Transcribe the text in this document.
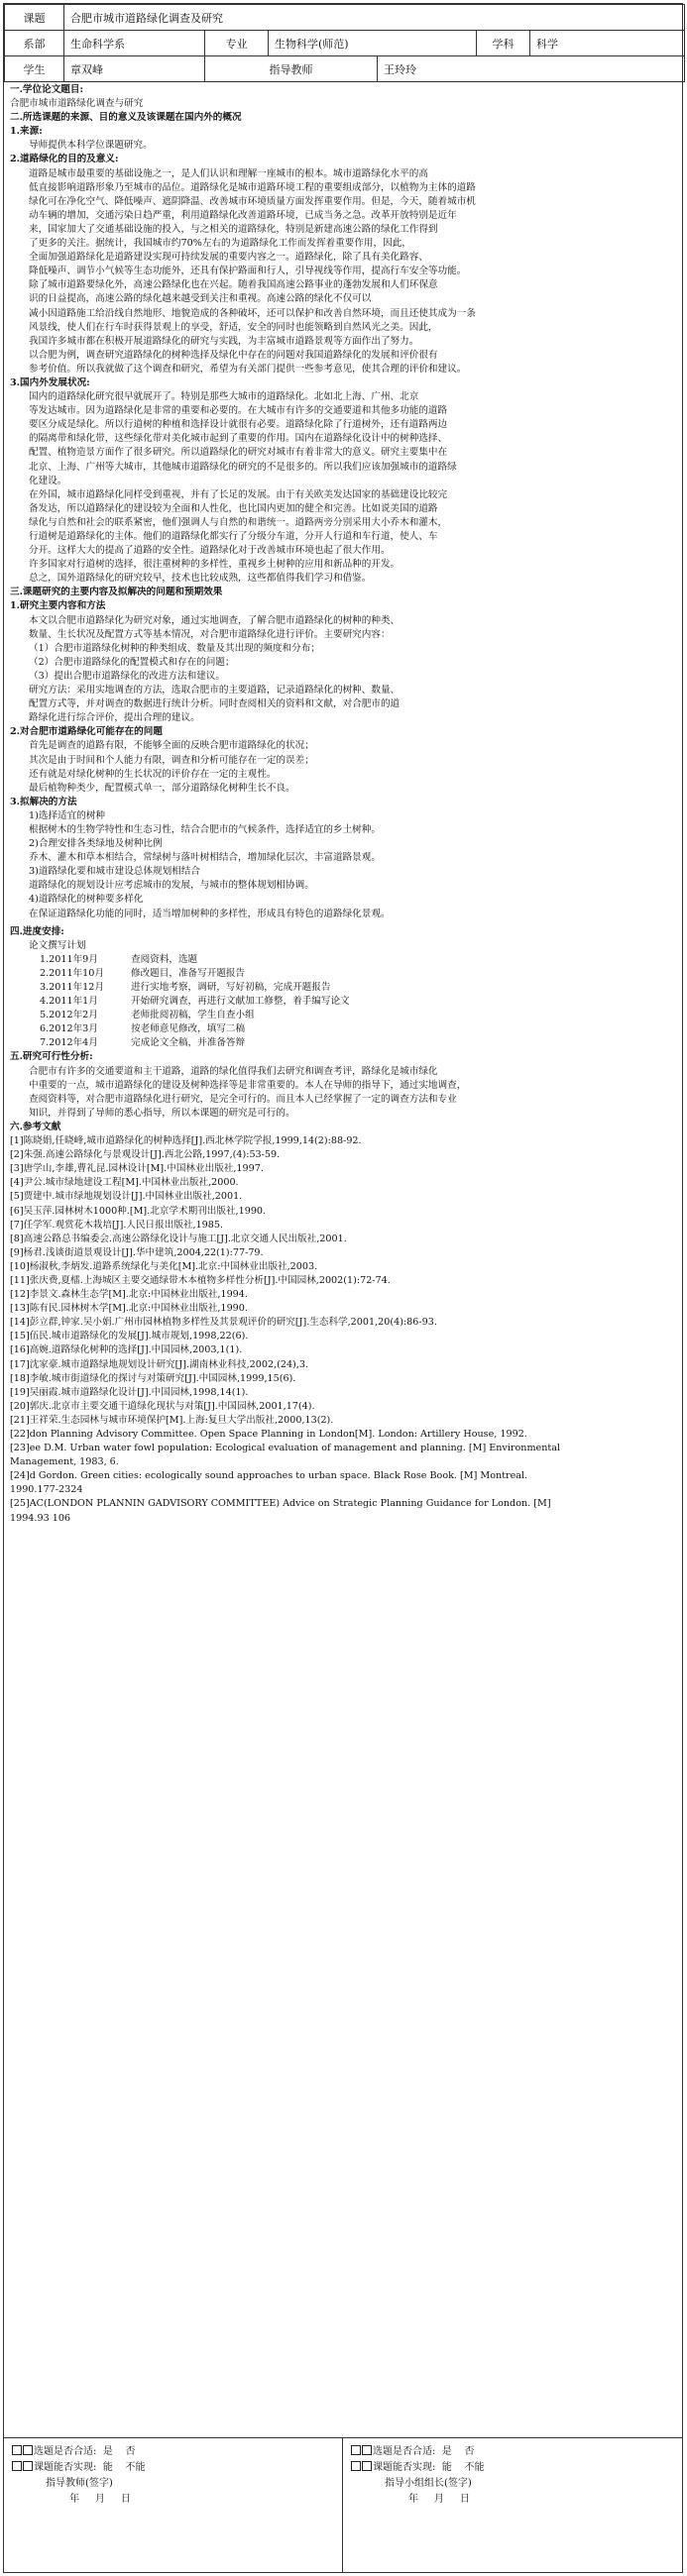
课题	合肥市城市道路绿化调查及研究					
系部	生命科学系	专业	生物科学(师范)		学科	科学
学生	章双峰	指导教师		王玲玲		
一.学位论文题目:
合肥市城市道路绿化调查与研究
二.所选课题的来源、目的意义及该课题在国内外的概况
1.来源:
导师提供本科学位课题研究。
2.道路绿化的目的及意义:
道路是城市最重要的基础设施之一，是人们认识和理解一座城市的根本。城市道路绿化水平的高
低直接影响道路形象乃至城市的品位。道路绿化是城市道路环境工程的重要组成部分，以植物为主体的道路
绿化可在净化空气、降低噪声、遮阴降温、改善城市环境质量方面发挥重要作用。但是，今天，随着城市机
动车辆的增加，交通污染日趋严重，利用道路绿化改善道路环境，已成当务之急。改革开放特别是近年
来，国家加大了交通基础设施的投入，与之相关的道路绿化，特别是新建高速公路的绿化工作得到
了更多的关注。据统计，我国城市约70%左右的为道路绿化工作而发挥着重要作用，因此，
全面加强道路绿化是道路建设实现可持续发展的重要内容之一。道路绿化，除了具有美化路容、
降低噪声、调节小气候等生态功能外，还具有保护路面和行人，引导视线等作用，提高行车安全等功能。
除了城市道路要绿化外，高速公路绿化也在兴起。随着我国高速公路事业的蓬勃发展和人们环保意
识的日益提高，高速公路的绿化越来越受到关注和重视。高速公路的绿化不仅可以
减小因道路施工给沿线自然地形、地貌造成的各种破坏，还可以保护和改善自然环境，而且还使其成为一条
风景线，使人们在行车时获得景观上的享受，舒适，安全的同时也能领略到自然风光之美。因此，
我国许多城市都在积极开展道路绿化的研究与实践，为丰富城市道路景观等方面作出了努力。
以合肥为例，调查研究道路绿化的树种选择及绿化中存在的问题对我国道路绿化的发展和评价很有
参考价值。所以我就做了这个调查和研究，希望为有关部门提供一些参考意见，使其合理的评价和建议。
3.国内外发展状况:
国内的道路绿化研究很早就展开了。特别是那些大城市的道路绿化。北如北上海、广州、北京
等发达城市。因为道路绿化是非常的重要和必要的。在大城市有许多的交通要道和其他多功能的道路
要区分成是绿化。所以行道树的种植和选择设计就很有必要。道路绿化除了行道树外，还有道路两边
的隔离带和绿化带，这些绿化带对美化城市起到了重要的作用。国内在道路绿化设计中的树种选择、
配置、植物造景方面作了很多研究。所以道路绿化的研究对城市有着非常大的意义。研究主要集中在
北京、上海、广州等大城市，其他城市道路绿化的研究的不是很多的。所以我们应该加强城市的道路绿
化建设。
在外国，城市道路绿化同样受到重视，并有了长足的发展。由于有关欧美发达国家的基础建设比较完
备发达，所以道路绿化的建设较为全面和人性化，也比国内更加的健全和完善。比如说美国的道路
绿化与自然和社会的联系紧密，他们强调人与自然的和谐统一。道路两旁分别采用大小乔木和灌木，
行道树是道路绿化的主体。他们的道路绿化都实行了分级分车道，分开人行道和车行道，使人、车
分开。这样大大的提高了道路的安全性。道路绿化对于改善城市环境也起了很大作用。
许多国家对行道树的选择，很注重树种的多样性，重视乡土树种的应用和新品种的开发。
总之，国外道路绿化的研究较早，技术也比较成熟，这些都值得我们学习和借鉴。
三.课题研究的主要内容及拟解决的问题和预期效果
1.研究主要内容和方法
本文以合肥市道路绿化为研究对象，通过实地调查，了解合肥市道路绿化的树种的种类、
数量、生长状况及配置方式等基本情况，对合肥市道路绿化进行评价。主要研究内容：
（1）合肥市道路绿化树种的种类组成、数量及其出现的频度和分布；
（2）合肥市道路绿化的配置模式和存在的问题；
（3）提出合肥市道路绿化的改进方法和建议。
研究方法：采用实地调查的方法，选取合肥市的主要道路，记录道路绿化的树种、数量、
配置方式等，并对调查的数据进行统计分析。同时查阅相关的资料和文献，对合肥市的道
路绿化进行综合评价，提出合理的建议。
2.对合肥市道路绿化可能存在的问题
首先是调查的道路有限，不能够全面的反映合肥市道路绿化的状况；
其次是由于时间和个人能力有限，调查和分析可能存在一定的误差；
还有就是对绿化树种的生长状况的评价存在一定的主观性。
最后植物种类少，配置模式单一，部分道路绿化树种生长不良。
3.拟解决的方法
1)选择适宜的树种
根据树木的生物学特性和生态习性，结合合肥市的气候条件，选择适宜的乡土树种。
2)合理安排各类绿地及树种比例
乔木、灌木和草本相结合，常绿树与落叶树相结合，增加绿化层次，丰富道路景观。
3)道路绿化要和城市建设总体规划相结合
道路绿化的规划设计应考虑城市的发展，与城市的整体规划相协调。
4)道路绿化的树种要多样化
在保证道路绿化功能的同时，适当增加树种的多样性，形成具有特色的道路绿化景观。
四.进度安排:
论文撰写计划
1.2011年9月	查阅资料，选题
2.2011年10月	修改题目，准备写开题报告
3.2011年12月	进行实地考察，调研，写好初稿，完成开题报告
4.2011年1月	开始研究调查，再进行文献加工修整，着手编写论文
5.2012年2月	老师批阅初稿，学生自查小组
6.2012年3月	按老师意见修改，填写二稿
7.2012年4月	完成论文全稿，并准备答辩
五.研究可行性分析:
合肥市有许多的交通要道和主干道路，道路的绿化值得我们去研究和调查考评，路绿化是城市绿化
中重要的一点，城市道路绿化的建设及树种选择等是非常重要的。本人在导师的指导下，通过实地调查，
查阅资料等，对合肥市道路绿化进行研究，是完全可行的。而且本人已经掌握了一定的调查方法和专业
知识，并得到了导师的悉心指导，所以本课题的研究是可行的。
六.参考文献
[1]陈晓娟,任晓峰,城市道路绿化的树种选择[J].西北林学院学报,1999,14(2):88-92.
[2]朱强.高速公路绿化与景观设计[J].西北公路,1997,(4):53-59.
[3]唐学山,李雄,曹礼昆.园林设计[M].中国林业出版社,1997.
[4]尹公.城市绿地建设工程[M].中国林业出版社,2000.
[5]贾建中.城市绿地规划设计[J].中国林业出版社,2001.
[6]吴玉萍.园林树木1000种.[M].北京学术期刊出版社,1990.
[7]任学军.观赏花木栽培[J].人民日报出版社,1985.
[8]高速公路总书编委会.高速公路绿化设计与施工[J].北京交通人民出版社,2001.
[9]杨君.浅谈街道景观设计[J].华中建筑,2004,22(1):77-79.
[10]杨淑秋,李炳发.道路系统绿化与美化[M].北京:中国林业出版社,2003.
[11]张庆费,夏檑.上海城区主要交通绿带木本植物多样性分析[J].中国园林,2002(1):72-74.
[12]李景文.森林生态学[M].北京:中国林业出版社,1994.
[13]陈有民.园林树木学[M].北京:中国林业出版社,1990.
[14]彭立群,钟家.吴小娟.广州市园林植物多样性及其景观评价的研究[J].生态科学,2001,20(4):86-93.
[15]伍民.城市道路绿化的发展[J].城市规划,1998,22(6).
[16]高婉.道路绿化树种的选择[J].中国园林,2003,1(1).
[17]沈家豪.城市道路绿地规划设计研究[J].湖南林业科技,2002,(24),3.
[18]李敏.城市街道绿化的探讨与对策研究[J].中国园林,1999,15(6).
[19]吴丽霞.城市道路绿化设计[J].中国园林,1998,14(1).
[20]郭庆.北京市主要交通干道绿化现状与对策[J].中国园林,2001,17(4).
[21]王祥荣.生态园林与城市环境保护[M].上海:复旦大学出版社,2000,13(2).
[22]don Planning Advisory Committee. Open Space Planning in London[M]. London: Artillery House, 1992.
[23]ee D.M. Urban water fowl population: Ecological evaluation of management and planning. [M] Environmental
Management, 1983, 6.
[24]d Gordon. Green cities: ecologically sound approaches to urban space. Black Rose Book. [M] Montreal.
1990.177-2324
[25]AC(LONDON PLANNIN GADVISORY COMMITTEE) Advice on Strategic Planning Guidance for London. [M]
1994.93 106
选题是否合适: 是 否
课题能否实现: 能 不能
指导教师(签字)
年 月 日
选题是否合适: 是 否
课题能否实现: 能 不能
指导小组组长(签字)
年 月 日
